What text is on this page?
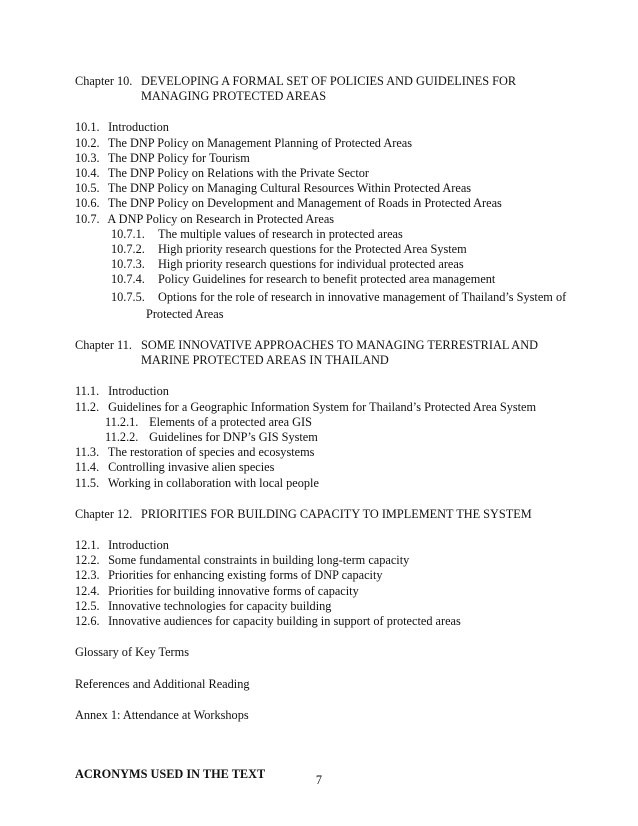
Chapter 10. DEVELOPING A FORMAL SET OF POLICIES AND GUIDELINES FOR
MANAGING PROTECTED AREAS
10.1. Introduction
10.2. The DNP Policy on Management Planning of Protected Areas
10.3. The DNP Policy for Tourism
10.4. The DNP Policy on Relations with the Private Sector
10.5. The DNP Policy on Managing Cultural Resources Within Protected Areas
10.6. The DNP Policy on Development and Management of Roads in Protected Areas
10.7. A DNP Policy on Research in Protected Areas
10.7.1. The multiple values of research in protected areas
10.7.2. High priority research questions for the Protected Area System
10.7.3. High priority research questions for individual protected areas
10.7.4. Policy Guidelines for research to benefit protected area management
10.7.5. Options for the role of research in innovative management of Thailand’s System of
Protected Areas
Chapter 11. SOME INNOVATIVE APPROACHES TO MANAGING TERRESTRIAL AND
MARINE PROTECTED AREAS IN THAILAND
11.1. Introduction
11.2. Guidelines for a Geographic Information System for Thailand’s Protected Area System
11.2.1. Elements of a protected area GIS
11.2.2. Guidelines for DNP’s GIS System
11.3. The restoration of species and ecosystems
11.4. Controlling invasive alien species
11.5. Working in collaboration with local people
Chapter 12. PRIORITIES FOR BUILDING CAPACITY TO IMPLEMENT THE SYSTEM
12.1. Introduction
12.2. Some fundamental constraints in building long-term capacity
12.3. Priorities for enhancing existing forms of DNP capacity
12.4. Priorities for building innovative forms of capacity
12.5. Innovative technologies for capacity building
12.6. Innovative audiences for capacity building in support of protected areas
Glossary of Key Terms
References and Additional Reading
Annex 1: Attendance at Workshops
ACRONYMS USED IN THE TEXT	7
